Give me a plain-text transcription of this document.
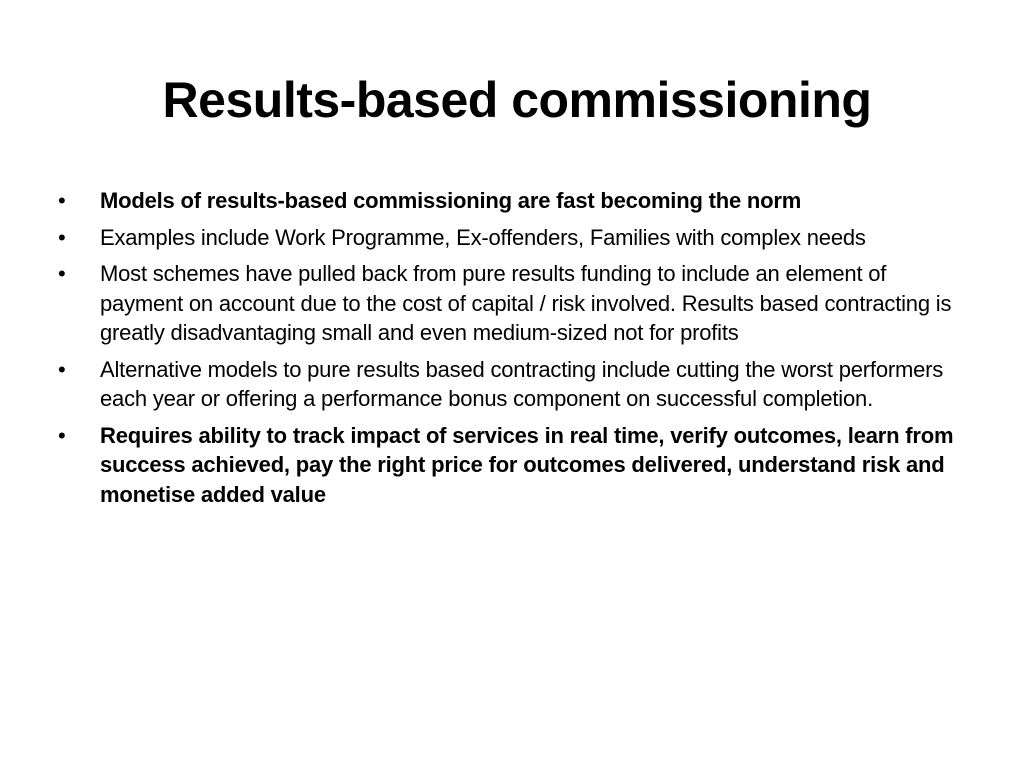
Results-based commissioning
• Models of results-based commissioning are fast becoming the norm
• Examples include Work Programme, Ex-offenders, Families with complex needs
• Most schemes have pulled back from pure results funding to include an element of payment on account due to the cost of capital / risk involved. Results based contracting is greatly disadvantaging small and even medium-sized not for profits
• Alternative models to pure results based contracting include cutting the worst performers each year or offering a performance bonus component on successful completion.
• Requires ability to track impact of services in real time, verify outcomes, learn from success achieved, pay the right price for outcomes delivered, understand risk and monetise added value
